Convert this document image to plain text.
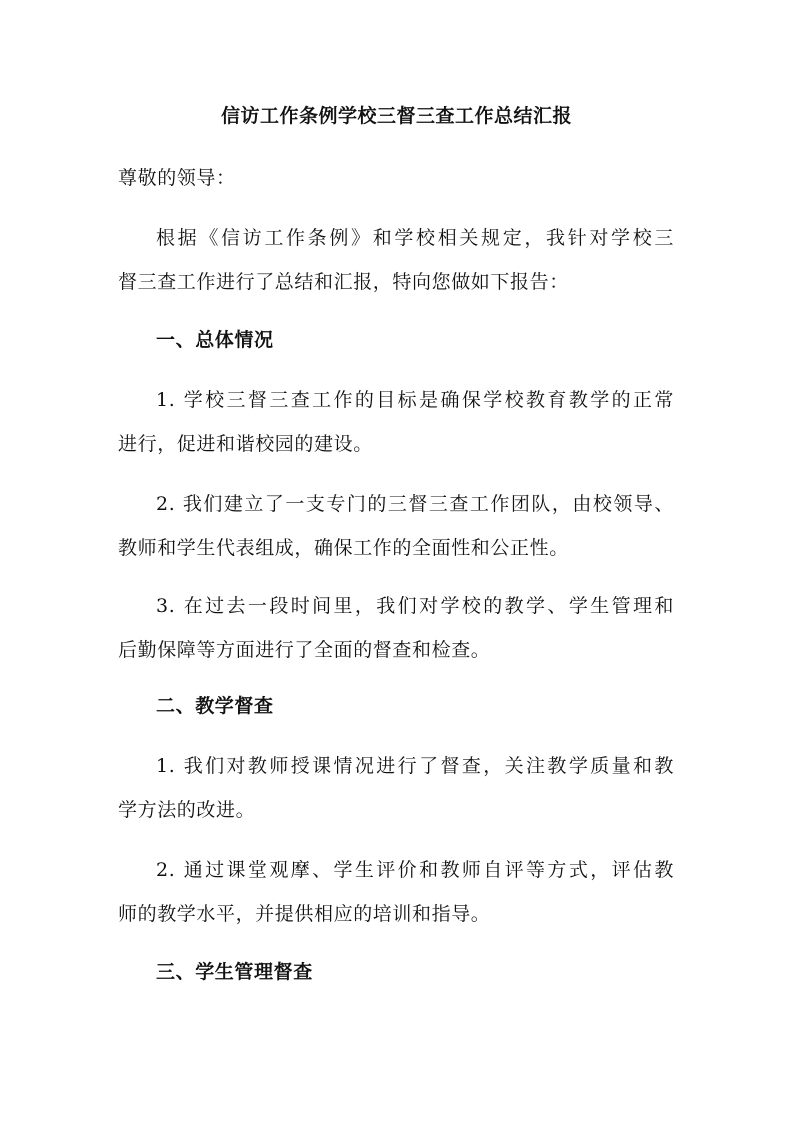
信访工作条例学校三督三查工作总结汇报
尊敬的领导：
根据《信访工作条例》和学校相关规定，我针对学校三
督三查工作进行了总结和汇报，特向您做如下报告：
一、总体情况
1. 学校三督三查工作的目标是确保学校教育教学的正常
进行，促进和谐校园的建设。
2. 我们建立了一支专门的三督三查工作团队，由校领导、
教师和学生代表组成，确保工作的全面性和公正性。
3. 在过去一段时间里，我们对学校的教学、学生管理和
后勤保障等方面进行了全面的督查和检查。
二、教学督查
1. 我们对教师授课情况进行了督查，关注教学质量和教
学方法的改进。
2. 通过课堂观摩、学生评价和教师自评等方式，评估教
师的教学水平，并提供相应的培训和指导。
三、学生管理督查
